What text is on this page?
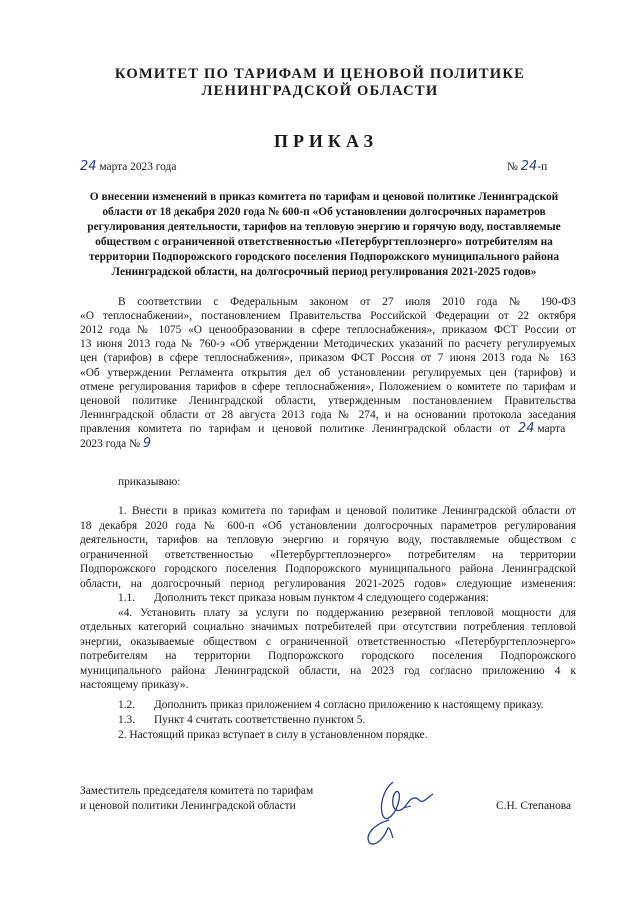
КОМИТЕТ ПО ТАРИФАМ И ЦЕНОВОЙ ПОЛИТИКЕ
ЛЕНИНГРАДСКОЙ ОБЛАСТИ
ПРИКАЗ
24 марта 2023 года	№ 24-п
О внесении изменений в приказ комитета по тарифам и ценовой политике Ленинградской
области от 18 декабря 2020 года № 600-п «Об установлении долгосрочных параметров
регулирования деятельности, тарифов на тепловую энергию и горячую воду, поставляемые
обществом с ограниченной ответственностью «Петербургтеплоэнерго» потребителям на
территории Подпорожского городского поселения Подпорожского муниципального района
Ленинградской области, на долгосрочный период регулирования 2021-2025 годов»
В соответствии с Федеральным законом от 27 июля 2010 года № 190-ФЗ
«О теплоснабжении», постановлением Правительства Российской Федерации от 22 октября
2012 года № 1075 «О ценообразовании в сфере теплоснабжения», приказом ФСТ России от
13 июня 2013 года № 760-э «Об утверждении Методических указаний по расчету регулируемых
цен (тарифов) в сфере теплоснабжения», приказом ФСТ Россия от 7 июня 2013 года № 163
«Об утверждении Регламента открытия дел об установлении регулируемых цен (тарифов) и
отмене регулирования тарифов в сфере теплоснабжения», Положением о комитете по тарифам и
ценовой политике Ленинградской области, утвержденным постановлением Правительства
Ленинградской области от 28 августа 2013 года № 274, и на основании протокола заседания
правления комитета по тарифам и ценовой политике Ленинградской области от 24 марта
2023 года № 9
приказываю:
1. Внести в приказ комитета по тарифам и ценовой политике Ленинградской области от
18 декабря 2020 года № 600-п «Об установлении долгосрочных параметров регулирования
деятельности, тарифов на тепловую энергию и горячую воду, поставляемые обществом с
ограниченной ответственностью «Петербургтеплоэнерго» потребителям на территории
Подпорожского городского поселения Подпорожского муниципального района Ленинградской
области, на долгосрочный период регулирования 2021-2025 годов» следующие изменения:
1.1. Дополнить текст приказа новым пунктом 4 следующего содержания:
«4. Установить плату за услуги по поддержанию резервной тепловой мощности для
отдельных категорий социально значимых потребителей при отсутствии потребления тепловой
энергии, оказываемые обществом с ограниченной ответственностью «Петербургтеплоэнерго»
потребителям на территории Подпорожского городского поселения Подпорожского
муниципального района Ленинградской области, на 2023 год согласно приложению 4 к
настоящему приказу».
1.2. Дополнить приказ приложением 4 согласно приложению к настоящему приказу.
1.3. Пункт 4 считать соответственно пунктом 5.
2. Настоящий приказ вступает в силу в установленном порядке.
Заместитель председателя комитета по тарифам
и ценовой политики Ленинградской области	С.Н. Степанова
